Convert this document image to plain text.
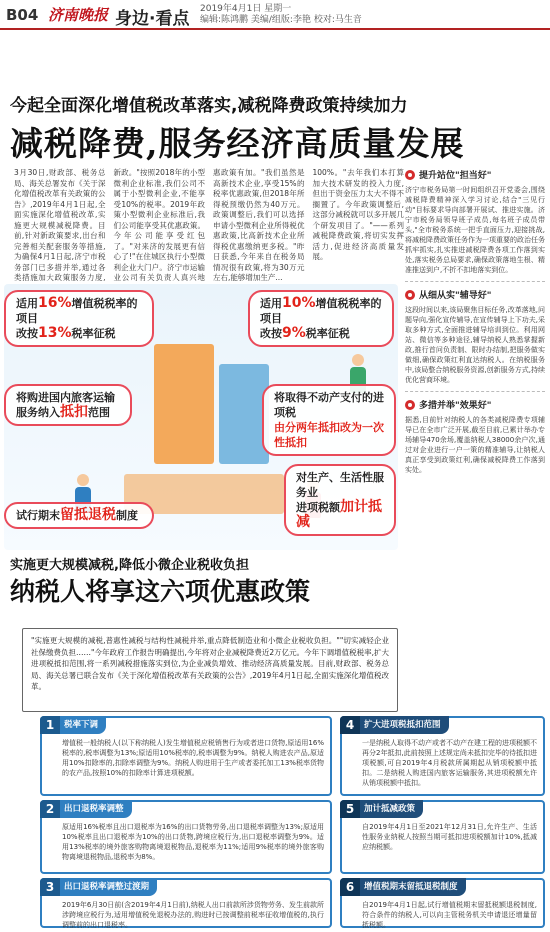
B04 济南晚报 身边·看点 2019年4月1日 星期一
编辑:陈鸿鹏 美编/组版:李艳 校对:马生音
今起全面深化增值税改革落实,减税降费政策持续加力
减税降费,服务经济高质量发展
3月30日,财政部、税务总局、海关总署发布《关于深化增值税改革有关政策的公告》,2019年4月1日起,全面实施深化增值税改革,实施更大规模减税降费。目前,针对新政策要求,出台和完善相关配套服务等措施,为确保4月1日起,济宁市税务部门已多措并举,通过各类措施加大政策服务力度,
新政。"按照2018年的小型微利企业标准,我们公司不属于小型微利企业,不能享受10%的税率。2019年政策小型微利企业标准后,我们公司能享受其优惠政策。今年公司能享受红包了。"对来济的发展更有信心了!"在住城区执行小型微利企业大门户。济宁市运输业公司有关负责人真兴地
惠政策有加。"我们虽然是高新技术企业,享受15%的税率优惠政策,但2018年所得税预缴仍然为40万元。政策调整后,我们可以选择申请小型微利企业所得税优惠政策,比高新技术企业所得税优惠缴纳更多税。"昨日获悉,今年来自在税务局情况很有政策,将为30万元左右,能够增加生产...
100%。"去年我们本打算加大技术研发的投入力度,但出于资金压力太大不得不搁置了。今年政策调整后,这部分减税就可以多开展几个研发项目了。"——系列减税降费政策,将切实发挥活力,促进经济高质量发展。
适用16%增值税税率的项目
改按13%税率征税
适用10%增值税税率的项目
改按9%税率征税
将购进国内旅客运输服务纳入抵扣范围
将取得不动产支付的进项税
由分两年抵扣改为一次性抵扣
对生产、生活性服务业
进项税额加计抵减
试行期末留抵退税制度
提升站位"担当好"
济宁市税务局第一时间组织召开党委会,围绕减税降费精神深入学习讨论,结合"三见行动"目标要求导向部署开展试、推进实施。济宁市税务局领导班子成员,每名班子成员带头,"全市税务系统一把手直面压力,迎接挑战,将减税降费政策任务作为一项重要的政治任务抓牢抓实,扎实推进减税降费各项工作落到实处,落实税务总局要求,确保政策落地生根、精准推送到户,不折不扣地落实到位。
从细从实"辅导好"
这段时间以来,该局聚焦目标任务,改革落地,问题导向,强化宣传辅导,在宣传辅导上下功夫,采取多种方式,全面推进辅导培训到位。利用网站、微信等多种途径,辅导纳税人熟悉掌握新政,推行首问负责制、限时办结制,把服务做实做细,确保政策红利直达纳税人。在纳税服务中,该局整合纳税服务资源,创新服务方式,持续优化营商环境。
多措并举"效果好"
据悉,目前针对纳税人的各类减税降费专项辅导已在全市广泛开展,截至目前,已累计举办专场辅导470余场,覆盖纳税人38000余户次,通过对企业进行一户一策的精准辅导,让纳税人真正享受到政策红利,确保减税降费工作落到实处。
实施更大规模减税,降低小微企业税收负担
纳税人将享这六项优惠政策
"实施更大规模的减税,普惠性减税与结构性减税并举,重点降低制造业和小微企业税收负担。""切实减轻企业社保缴费负担……"今年政府工作报告明确提出,今年将对企业减税降费近2万亿元。今年下调增值税税率,扩大进项税抵扣范围,将一系列减税措施落实到位,为企业减负增效、推动经济高质量发展。目前,财政部、税务总局、海关总署已联合发布《关于深化增值税改革有关政策的公告》,2019年4月1日起,全面实施深化增值税改革。
1	税率下调
增值税一般纳税人(以下称纳税人)发生增值税应税销售行为或者进口货物,原适用16%税率的,税率调整为13%;原适用10%税率的,税率调整为9%。纳税人购进农产品,原适用10%扣除率的,扣除率调整为9%。纳税人购进用于生产或者委托加工13%税率货物的农产品,按照10%的扣除率计算进项税额。
2	出口退税率调整
原适用16%税率且出口退税率为16%的出口货物劳务,出口退税率调整为13%;原适用10%税率且出口退税率为10%的出口货物,跨境应税行为,出口退税率调整为9%。适用13%税率的境外旅客购物离境退税物品,退税率为11%;适用9%税率的境外旅客购物离境退税物品,退税率为8%。
3	出口退税率调整过渡期
2019年6月30日前(含2019年4月1日前),纳税人出口前款所涉货物劳务、发生前款所涉跨境应税行为,适用增值税免退税办法的,购进时已按调整前税率征收增值税的,执行调整前的出口退税率。
4	扩大进项税抵扣范围
一是纳税人取得不动产或者不动产在建工程的进项税额不再分2年抵扣,此前按照上述规定尚未抵扣完毕的待抵扣进项税额,可自2019年4月税款所属期起从销项税额中抵扣。二是纳税人购进国内旅客运输服务,其进项税额允许从销项税额中抵扣。
5	加计抵减政策
自2019年4月1日至2021年12月31日,允许生产、生活性服务业纳税人按照当期可抵扣进项税额加计10%,抵减应纳税额。
6	增值税期末留抵退税制度
自2019年4月1日起,试行增值税期末留抵税额退税制度,符合条件的纳税人,可以向主管税务机关申请退还增量留抵税额。
